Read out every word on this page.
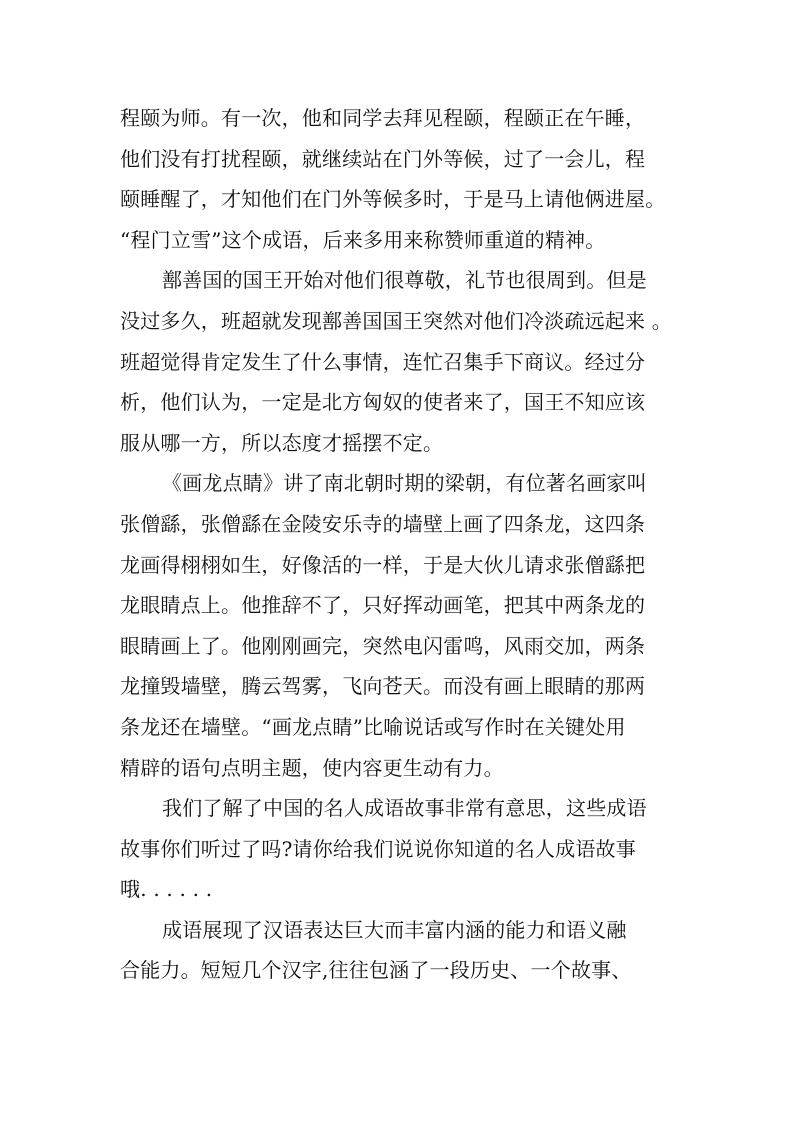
程颐为师。有一次，他和同学去拜见程颐，程颐正在午睡，
他们没有打扰程颐，就继续站在门外等候，过了一会儿，程
颐睡醒了，才知他们在门外等候多时，于是马上请他俩进屋。
“程门立雪”这个成语，后来多用来称赞师重道的精神。
鄯善国的国王开始对他们很尊敬，礼节也很周到。但是
没过多久，班超就发现鄯善国国王突然对他们冷淡疏远起来 。
班超觉得肯定发生了什么事情，连忙召集手下商议。经过分
析，他们认为，一定是北方匈奴的使者来了，国王不知应该
服从哪一方，所以态度才摇摆不定。
《画龙点睛》讲了南北朝时期的梁朝，有位著名画家叫
张僧繇，张僧繇在金陵安乐寺的墙壁上画了四条龙，这四条
龙画得栩栩如生，好像活的一样，于是大伙儿请求张僧繇把
龙眼睛点上。他推辞不了，只好挥动画笔，把其中两条龙的
眼睛画上了。他刚刚画完，突然电闪雷鸣，风雨交加，两条
龙撞毁墙壁，腾云驾雾，飞向苍天。而没有画上眼睛的那两
条龙还在墙壁。“画龙点睛”比喻说话或写作时在关键处用
精辟的语句点明主题，使内容更生动有力。
我们了解了中国的名人成语故事非常有意思，这些成语
故事你们听过了吗?请你给我们说说你知道的名人成语故事
哦. . . . . .
成语展现了汉语表达巨大而丰富内涵的能力和语义融
合能力。短短几个汉字,往往包涵了一段历史、一个故事、
